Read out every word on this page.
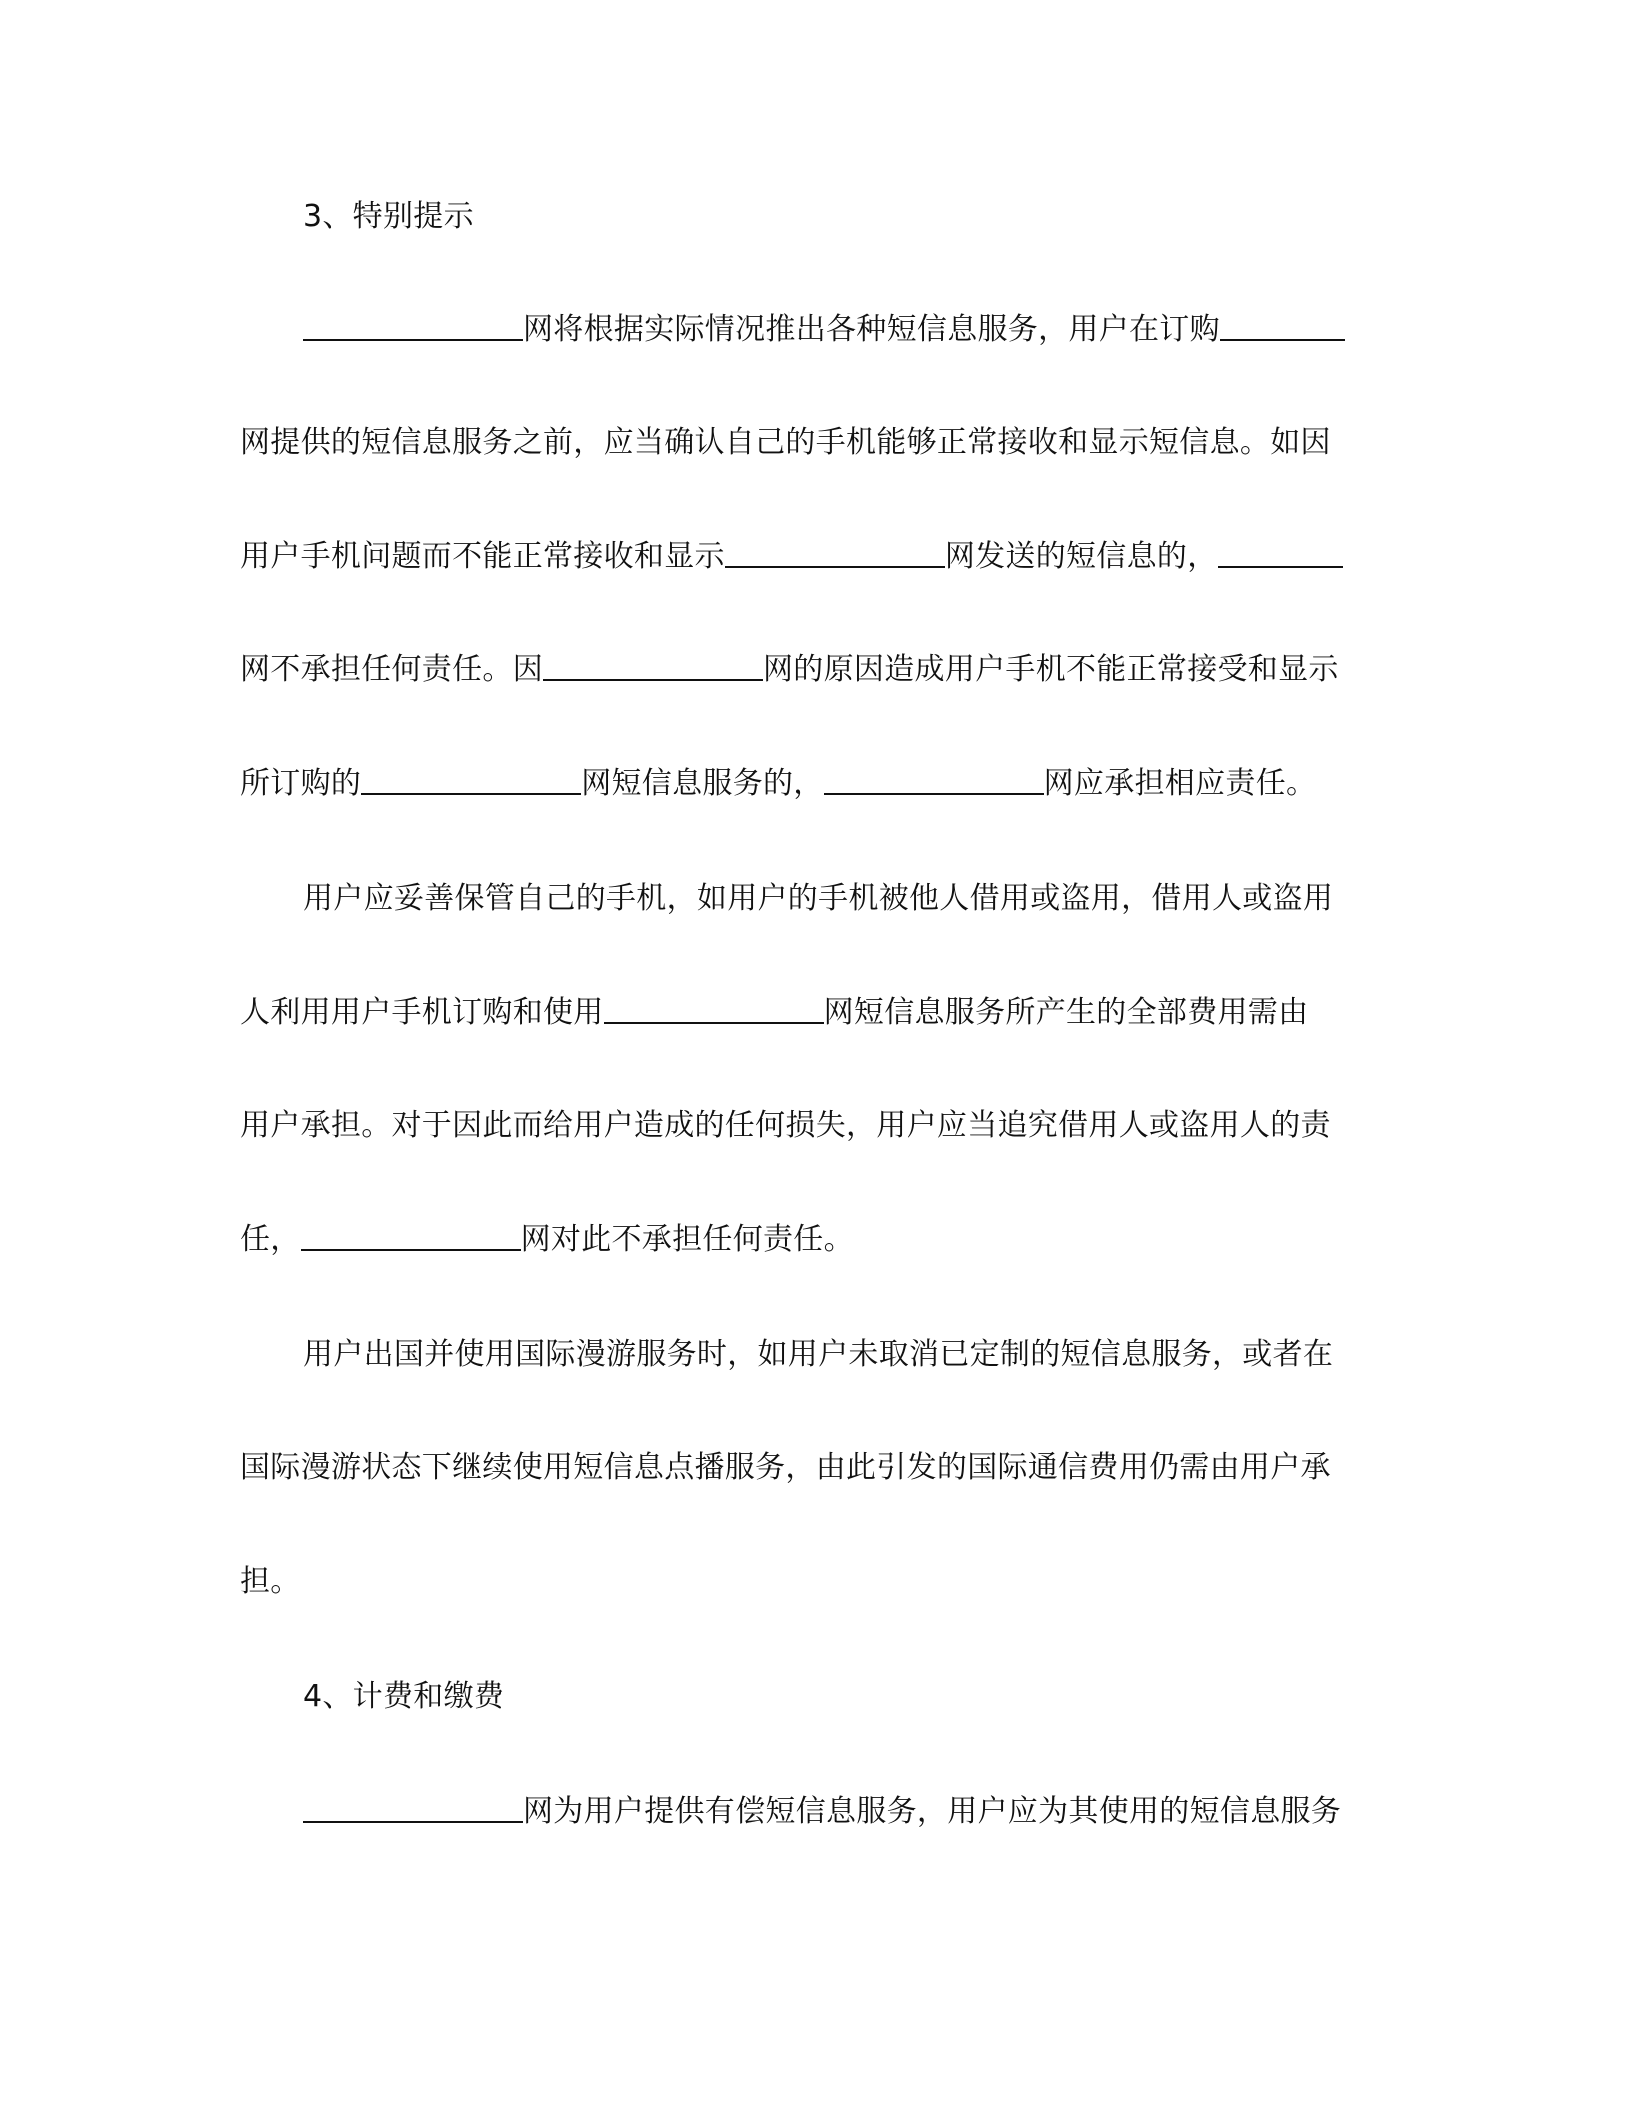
3、特别提示
网将根据实际情况推出各种短信息服务，用户在订购
网提供的短信息服务之前，应当确认自己的手机能够正常接收和显示短信息。如因
用户手机问题而不能正常接收和显示	网发送的短信息的，
网不承担任何责任。因	网的原因造成用户手机不能正常接受和显示
所订购的	网短信息服务的，	网应承担相应责任。
用户应妥善保管自己的手机，如用户的手机被他人借用或盗用，借用人或盗用
人利用用户手机订购和使用	网短信息服务所产生的全部费用需由
用户承担。对于因此而给用户造成的任何损失，用户应当追究借用人或盗用人的责
任，	网对此不承担任何责任。
用户出国并使用国际漫游服务时，如用户未取消已定制的短信息服务，或者在
国际漫游状态下继续使用短信息点播服务，由此引发的国际通信费用仍需由用户承
担。
4、计费和缴费
网为用户提供有偿短信息服务，用户应为其使用的短信息服务
